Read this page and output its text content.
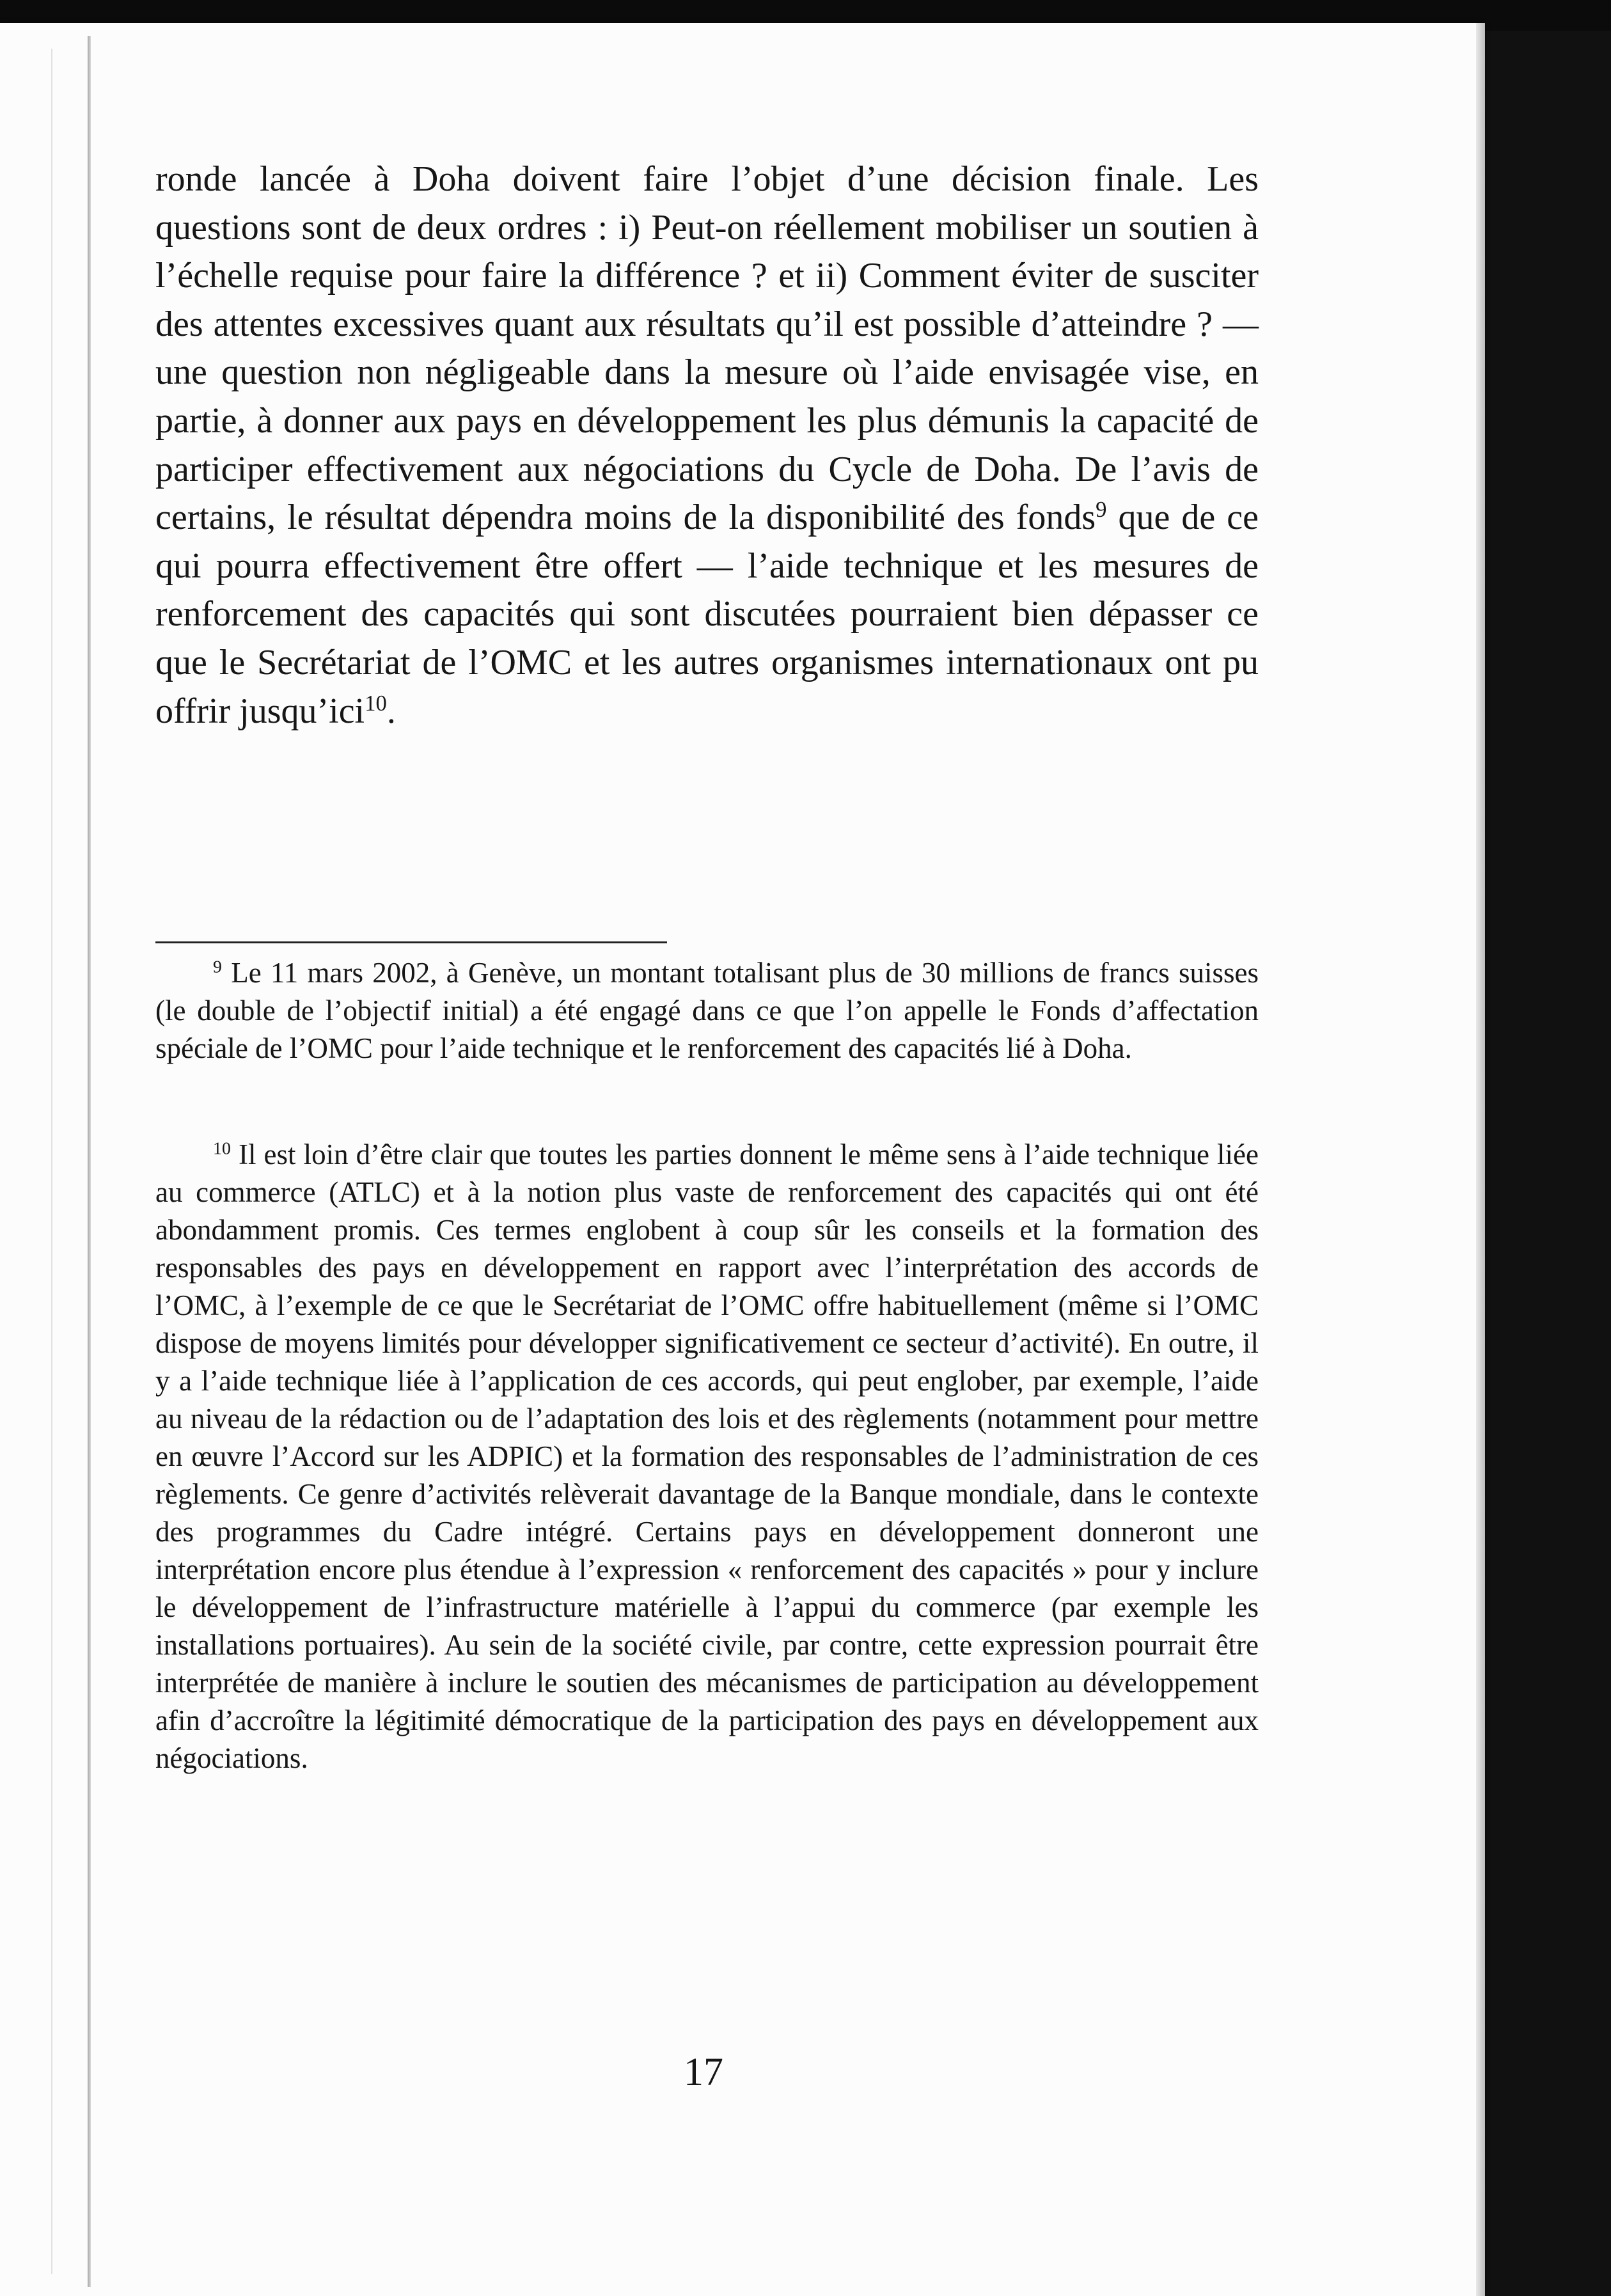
ronde lancée à Doha doivent faire l’objet d’une décision finale. Les questions sont de deux ordres : i) Peut-on réellement mobiliser un soutien à l’échelle requise pour faire la différence ? et ii) Comment éviter de susciter des attentes excessives quant aux résultats qu’il est possible d’atteindre ? — une question non négligeable dans la mesure où l’aide envisagée vise, en partie, à donner aux pays en développement les plus démunis la capacité de participer effectivement aux négociations du Cycle de Doha. De l’avis de certains, le résultat dépendra moins de la disponibilité des fonds$^9$ que de ce qui pourra effectivement être offert — l’aide technique et les mesures de renforcement des capacités qui sont discutées pourraient bien dépasser ce que le Secrétariat de l’OMC et les autres organismes internationaux ont pu offrir jusqu’ici$^{10}$.

$^9$ Le 11 mars 2002, à Genève, un montant totalisant plus de 30 millions de francs suisses (le double de l’objectif initial) a été engagé dans ce que l’on appelle le Fonds d’affectation spéciale de l’OMC pour l’aide technique et le renforcement des capacités lié à Doha.

$^{10}$ Il est loin d’être clair que toutes les parties donnent le même sens à l’aide technique liée au commerce (ATLC) et à la notion plus vaste de renforcement des capacités qui ont été abondamment promis. Ces termes englobent à coup sûr les conseils et la formation des responsables des pays en développement en rapport avec l’interprétation des accords de l’OMC, à l’exemple de ce que le Secrétariat de l’OMC offre habituellement (même si l’OMC dispose de moyens limités pour développer significativement ce secteur d’activité). En outre, il y a l’aide technique liée à l’application de ces accords, qui peut englober, par exemple, l’aide au niveau de la rédaction ou de l’adaptation des lois et des règlements (notamment pour mettre en œuvre l’Accord sur les ADPIC) et la formation des responsables de l’administration de ces règlements. Ce genre d’activités relèverait davantage de la Banque mondiale, dans le contexte des programmes du Cadre intégré. Certains pays en développement donneront une interprétation encore plus étendue à l’expression « renforcement des capacités » pour y inclure le développement de l’infrastructure matérielle à l’appui du commerce (par exemple les installations portuaires). Au sein de la société civile, par contre, cette expression pourrait être interprétée de manière à inclure le soutien des mécanismes de participation au développement afin d’accroître la légitimité démocratique de la participation des pays en développement aux négociations.

17
